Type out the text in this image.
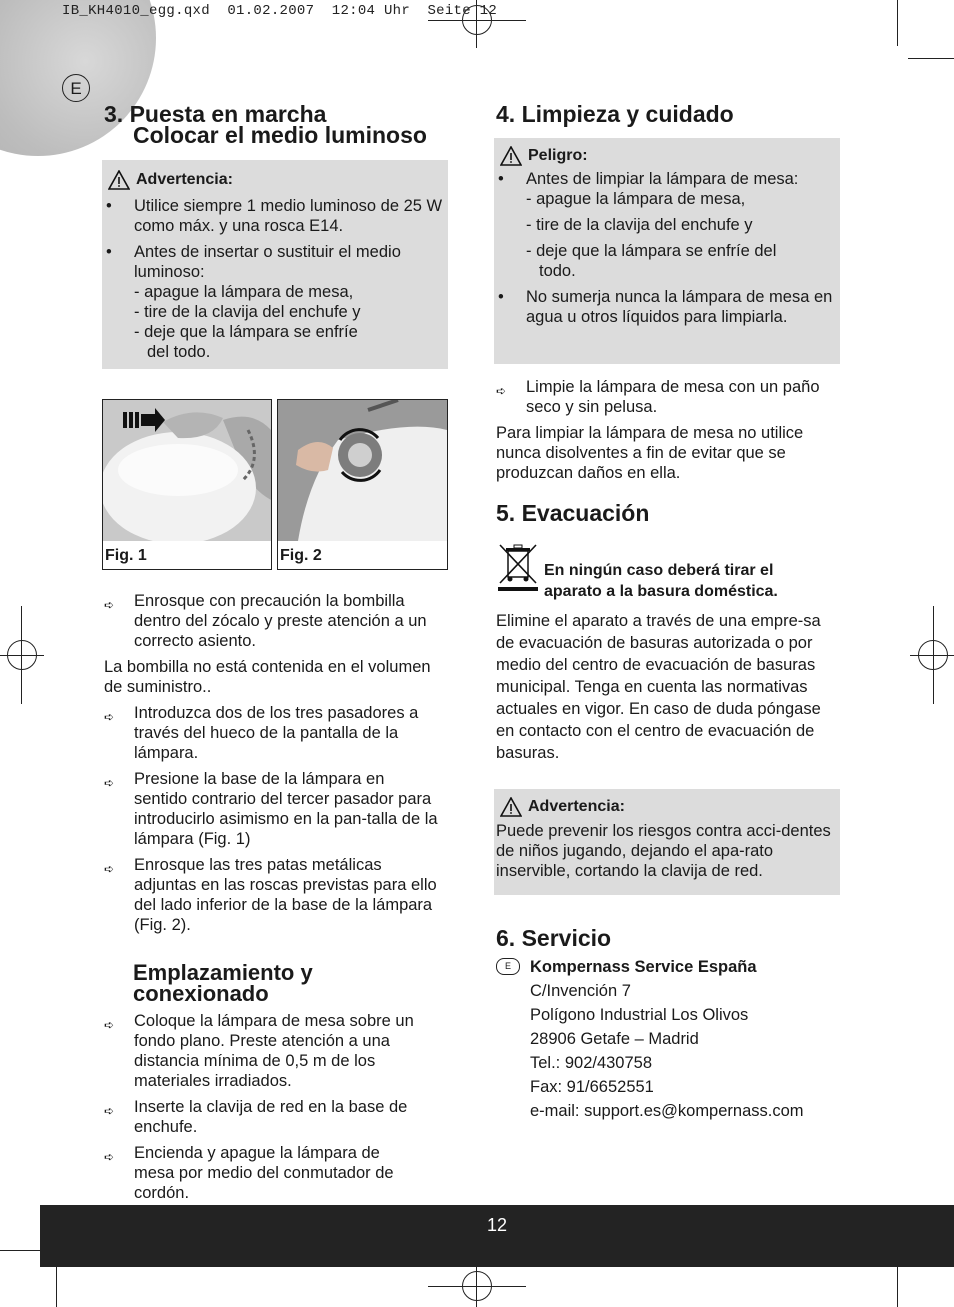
IB_KH4010_egg.qxd  01.02.2007  12:04 Uhr  Seite 12
E
3. Puesta en marcha
Colocar el medio luminoso
Advertencia:
• Utilice siempre 1 medio luminoso de 25 W como máx. y una rosca E14.
• Antes de insertar o sustituir el medio luminoso:
- apague la lámpara de mesa,
- tire de la clavija del enchufe y
- deje que la lámpara se enfríe
del todo.
Fig. 1	Fig. 2
➪ Enrosque con precaución la bombilla dentro del zócalo y preste atención a un correcto asiento.
La bombilla no está contenida en el volumen de suministro..
➪ Introduzca dos de los tres pasadores a través del hueco de la pantalla de la lámpara.
➪ Presione la base de la lámpara en sentido contrario del tercer pasador para introducirlo asimismo en la pan-talla de la lámpara (Fig. 1)
➪ Enrosque las tres patas metálicas adjuntas en las roscas previstas para ello del lado inferior de la base de la lámpara (Fig. 2).
Emplazamiento y
conexionado
➪ Coloque la lámpara de mesa sobre un fondo plano. Preste atención a una distancia mínima de 0,5 m de los materiales irradiados.
➪ Inserte la clavija de red en la base de enchufe.
➪ Encienda y apague la lámpara de mesa por medio del conmutador de cordón.
4. Limpieza y cuidado
Peligro:
• Antes de limpiar la lámpara de mesa:
- apague la lámpara de mesa,
- tire de la clavija del enchufe y
- deje que la lámpara se enfríe del
todo.
• No sumerja nunca la lámpara de mesa en agua u otros líquidos para limpiarla.
➪ Limpie la lámpara de mesa con un paño seco y sin pelusa.
Para limpiar la lámpara de mesa no utilice nunca disolventes a fin de evitar que se produzcan daños en ella.
5. Evacuación
En ningún caso deberá tirar el aparato a la basura doméstica.
Elimine el aparato a través de una empre-sa de evacuación de basuras autorizada o por medio del centro de evacuación de basuras municipal. Tenga en cuenta las normativas actuales en vigor. En caso de duda póngase en contacto con el centro de evacuación de basuras.
Advertencia:
Puede prevenir los riesgos contra acci-dentes de niños jugando, dejando el apa-rato inservible, cortando la clavija de red.
6. Servicio
E	Kompernass Service España
C/Invención 7
Polígono Industrial Los Olivos
28906 Getafe – Madrid
Tel.: 902/430758
Fax: 91/6652551
e-mail: support.es@kompernass.com
12
